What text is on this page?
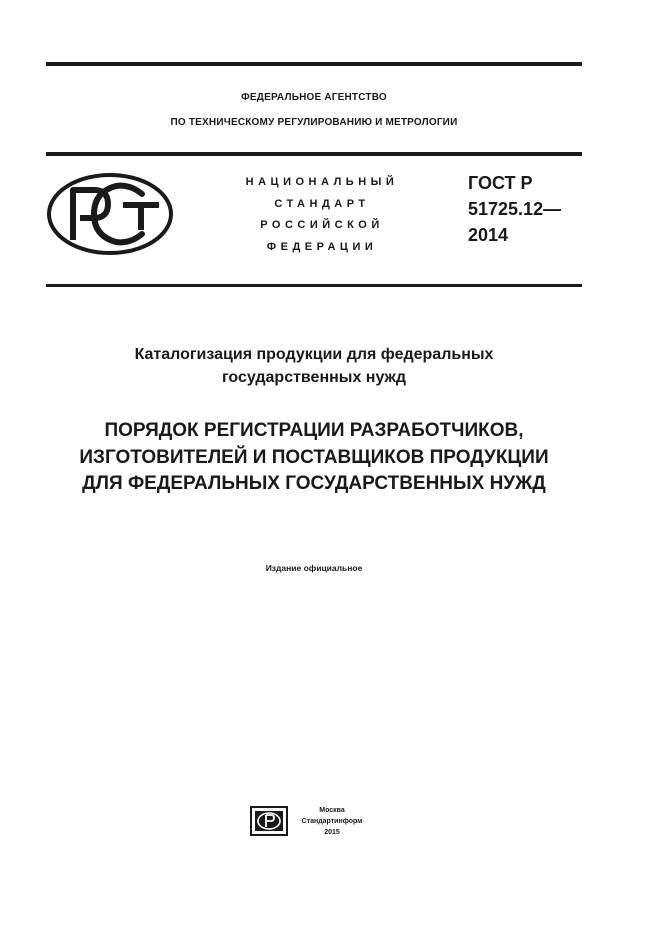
ФЕДЕРАЛЬНОЕ АГЕНТСТВО
ПО ТЕХНИЧЕСКОМУ РЕГУЛИРОВАНИЮ И МЕТРОЛОГИИ
НАЦИОНАЛЬНЫЙ
СТАНДАРТ
РОССИЙСКОЙ
ФЕДЕРАЦИИ
ГОСТ Р
51725.12—
2014
Каталогизация продукции для федеральных
государственных нужд
ПОРЯДОК РЕГИСТРАЦИИ РАЗРАБОТЧИКОВ,
ИЗГОТОВИТЕЛЕЙ И ПОСТАВЩИКОВ ПРОДУКЦИИ
ДЛЯ ФЕДЕРАЛЬНЫХ ГОСУДАРСТВЕННЫХ НУЖД
Издание официальное
Москва
Стандартинформ
2015
